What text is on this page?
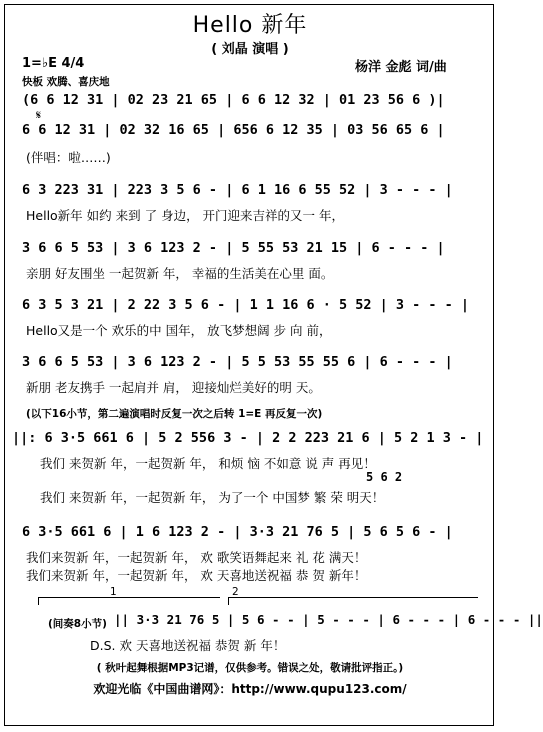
Hello 新年
( 刘晶 演唱 )
1=♭E 4/4	杨洋 金彪 词/曲
快板 欢腾、喜庆地
(6 6 12 31 | 02 23 21 65 | 6 6 12 32 | 01 23 56 6 )|
𝄋
6 6 12 31 | 02 32 16 65 | 656 6 12 35 | 03 56 65 6 |
(伴唱：啦……)
6 3 223 31 | 223 3 5 6 - | 6 1 16 6 55 52 | 3 - - - |
Hello新年 如约 来到 了 身边， 开门迎来吉祥的又一 年，
3 6 6 5 53 | 3 6 123 2 - | 5 55 53 21 15 | 6 - - - |
亲朋 好友围坐 一起贺新 年， 幸福的生活美在心里 面。
6 3 5 3 21 | 2 22 3 5 6 - | 1 1 16 6 · 5 52 | 3 - - - |
Hello又是一个 欢乐的中 国年， 放飞梦想阔 步 向 前，
3 6 6 5 53 | 3 6 123 2 - | 5 5 53 55 55 6 | 6 - - - |
新朋 老友携手 一起肩并 肩， 迎接灿烂美好的明 天。
(以下16小节，第二遍演唱时反复一次之后转 1=E 再反复一次)
||: 6 3·5 661 6 | 5 2 556 3 - | 2 2 223 21 6 | 5 2 1 3 - |
我们 来贺新 年，一起贺新 年， 和烦 恼 不如意 说 声 再见！
5 6 2
我们 来贺新 年，一起贺新 年， 为了一个 中国梦 繁 荣 明天！
6 3·5 661 6 | 1 6 123 2 - | 3·3 21 76 5 | 5 6 5 6 - |
我们来贺新 年，一起贺新 年， 欢 歌笑语舞起来 礼 花 满天！
我们来贺新 年，一起贺新 年， 欢 天喜地送祝福 恭 贺 新年！
1	2
(间奏8小节) || 3·3 21 76 5 | 5 6 - - | 5 - - - | 6 - - - | 6 - - - ||
D.S. 欢 天喜地送祝福 恭贺 新 年！
( 秋叶起舞根据MP3记谱，仅供参考。错误之处，敬请批评指正。)
欢迎光临《中国曲谱网》：http://www.qupu123.com/
